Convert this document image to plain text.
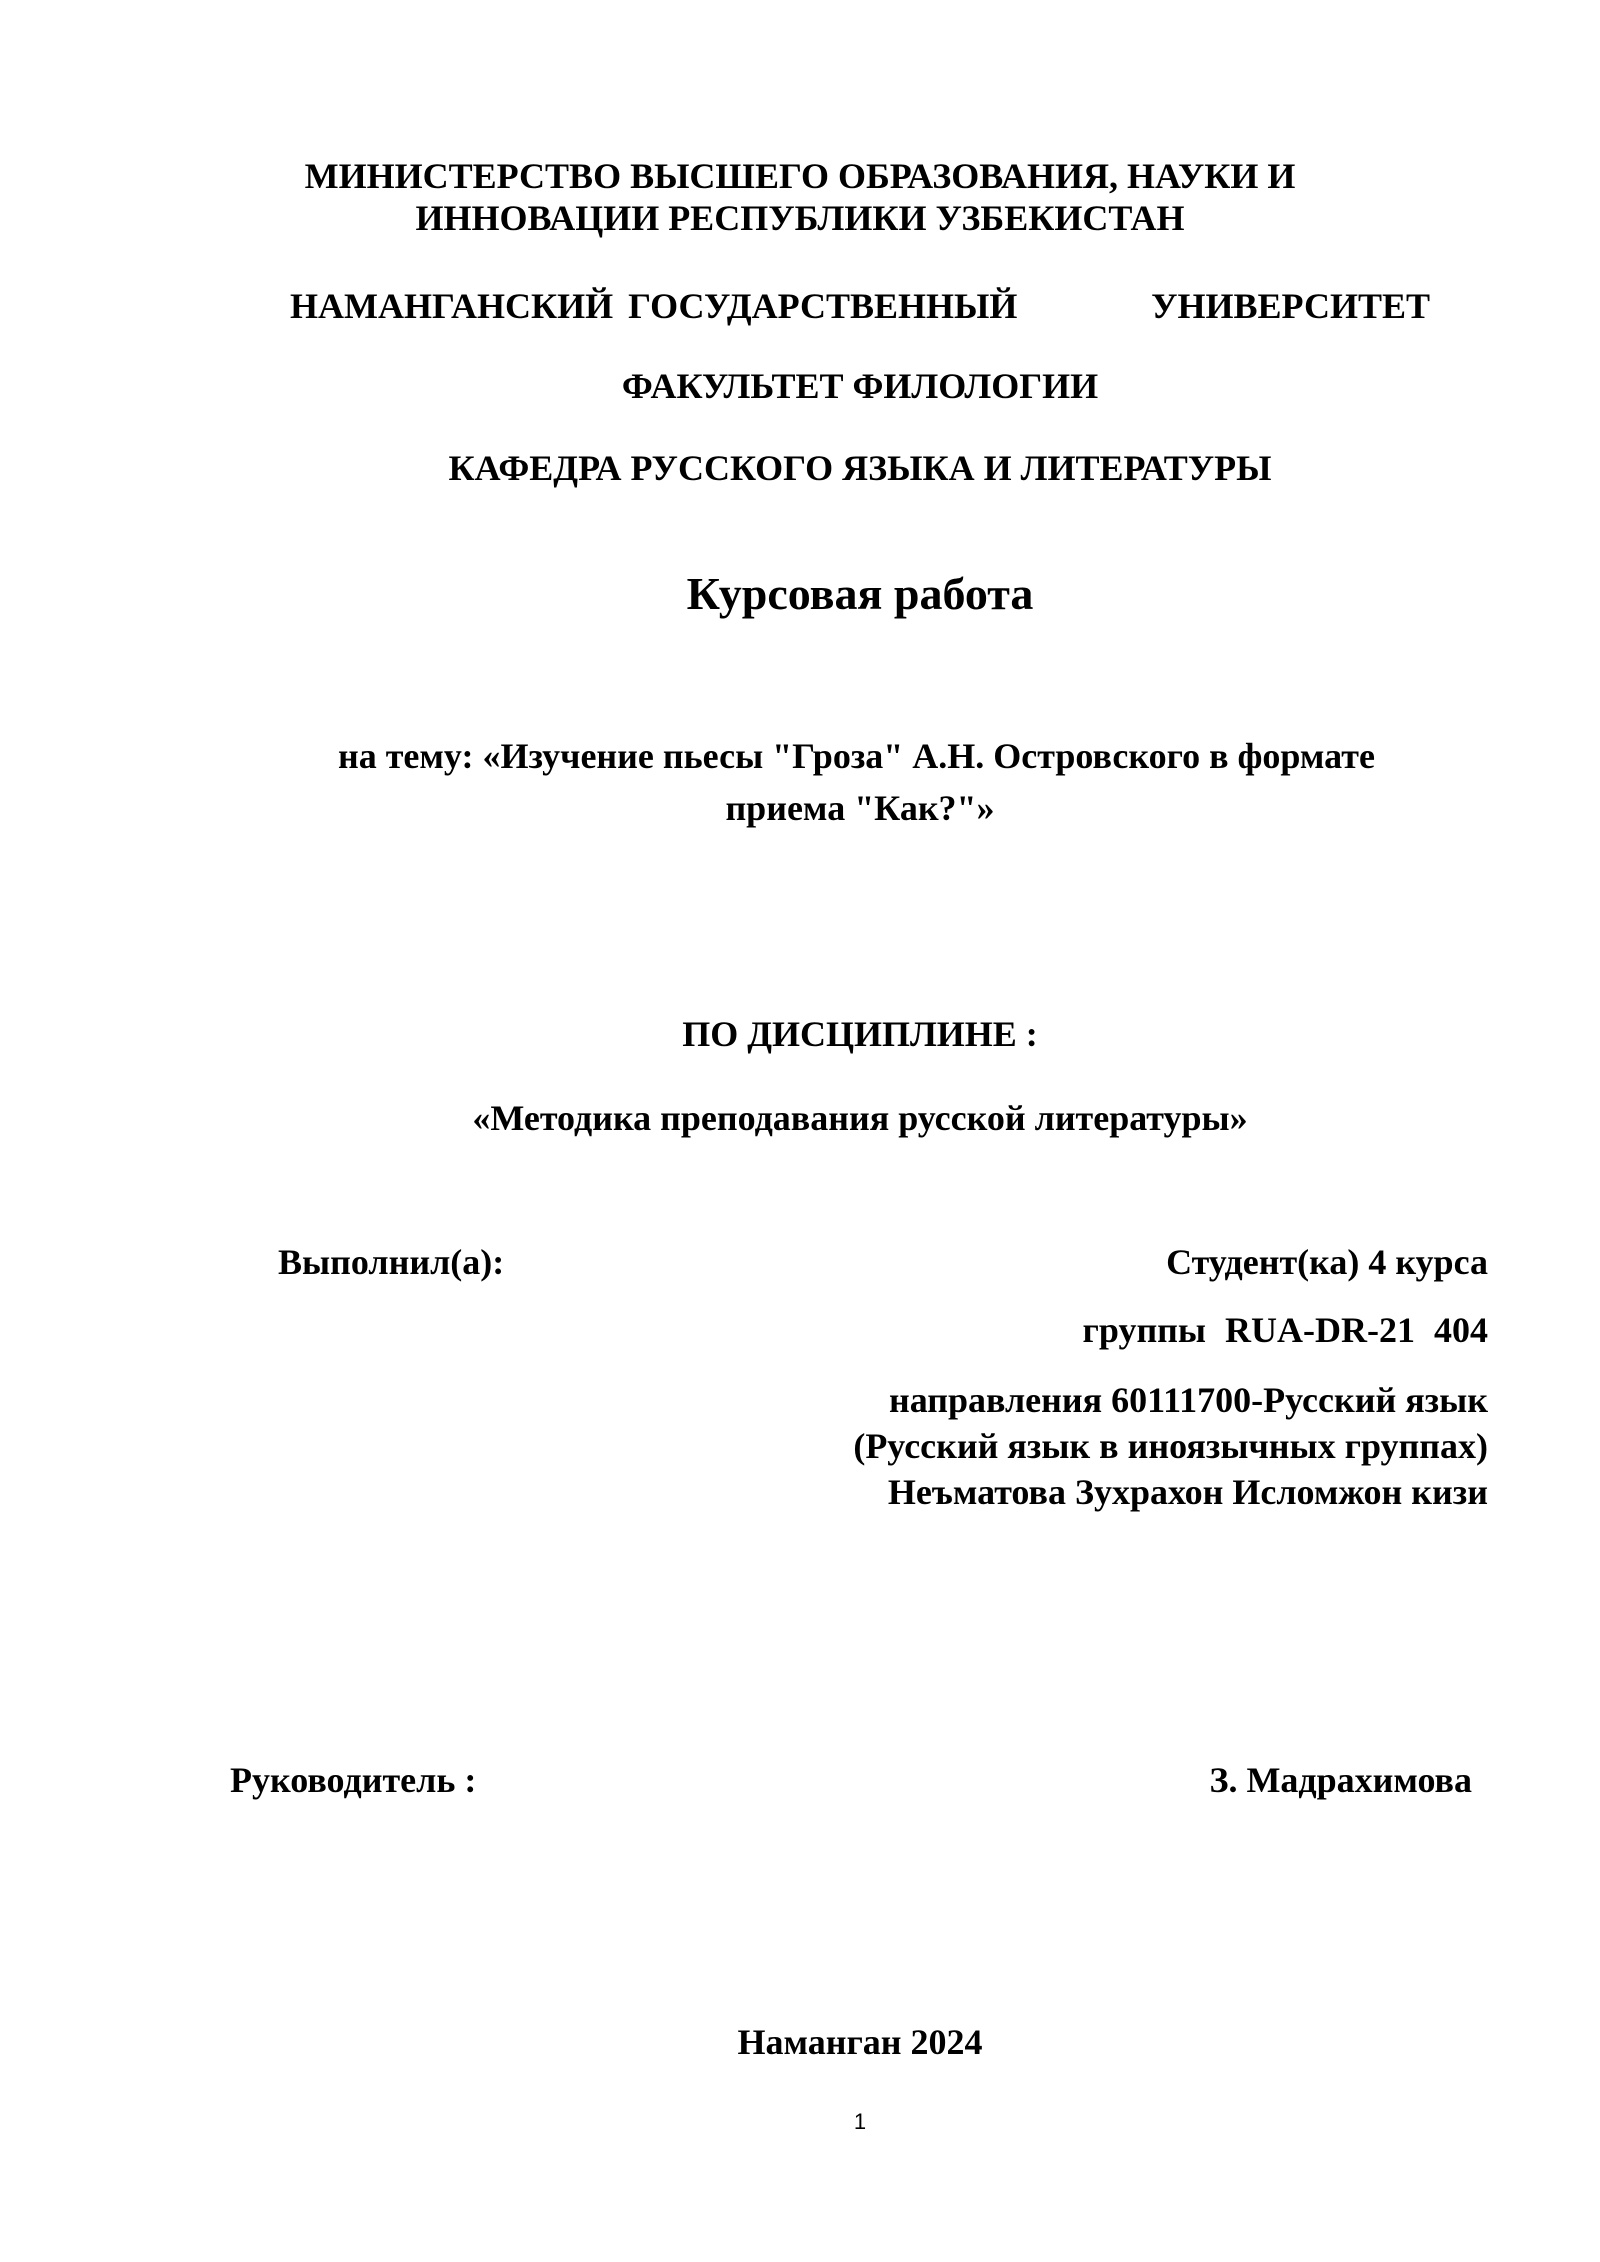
МИНИСТЕРСТВО ВЫСШЕГО ОБРАЗОВАНИЯ, НАУКИ И
ИННОВАЦИИ РЕСПУБЛИКИ УЗБЕКИСТАН
НАМАНГАНСКИЙ ГОСУДАРСТВЕННЫЙ	УНИВЕРСИТЕТ
ФАКУЛЬТЕТ ФИЛОЛОГИИ
КАФЕДРА РУССКОГО ЯЗЫКА И ЛИТЕРАТУРЫ
Курсовая работа
на тему: «Изучение пьесы "Гроза" А.Н. Островского в формате
приема "Как?"»
ПО ДИСЦИПЛИНЕ :
«Методика преподавания русской литературы»
Выполнил(а):	Студент(ка) 4 курса
группы RUA-DR-21 404
направления 60111700-Русский язык
(Русский язык в иноязычных группах)
Неъматова Зухрахон Исломжон кизи
Руководитель :	З. Мадрахимова
Наманган 2024
1
